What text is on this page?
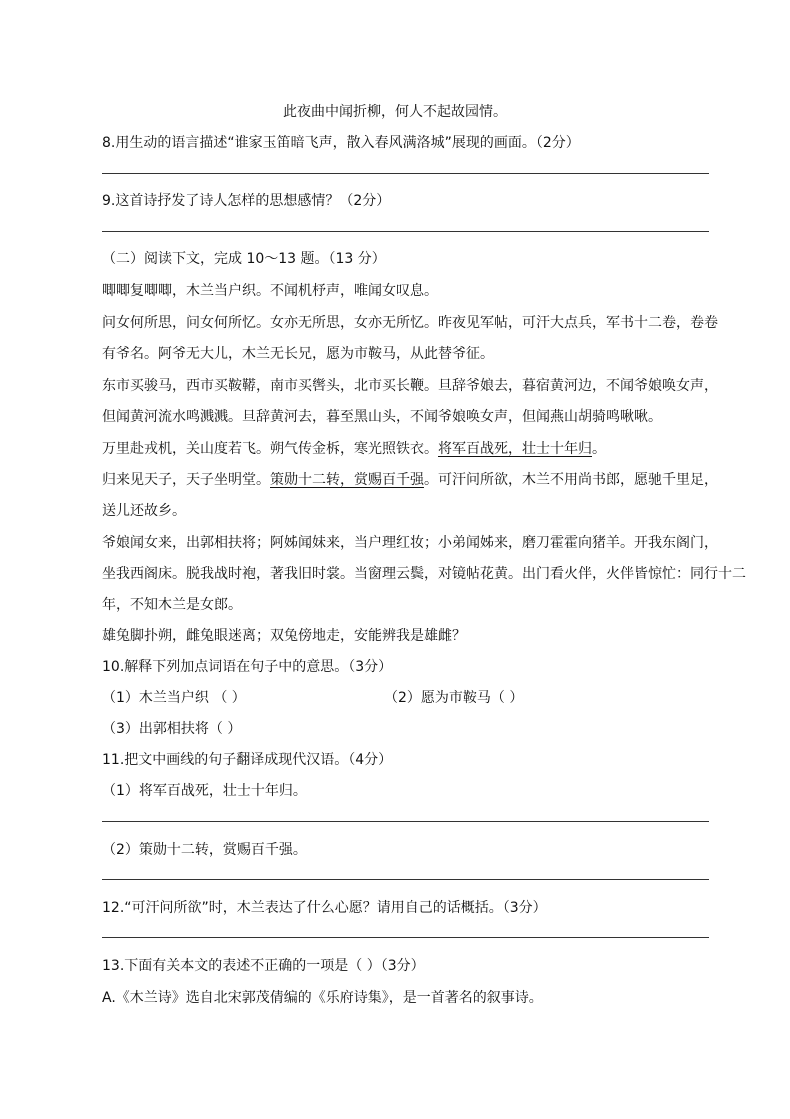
此夜曲中闻折柳，何人不起故园情。
8.用生动的语言描述“谁家玉笛暗飞声，散入春风满洛城”展现的画面。（2分）
9.这首诗抒发了诗人怎样的思想感情？（2分）
（二）阅读下文，完成 10～13 题。（13 分）
唧唧复唧唧，木兰当户织。不闻机杼声，唯闻女叹息。
问女何所思，问女何所忆。女亦无所思，女亦无所忆。昨夜见军帖，可汗大点兵，军书十二卷，卷卷
有爷名。阿爷无大儿，木兰无长兄，愿为市鞍马，从此替爷征。
东市买骏马，西市买鞍鞯，南市买辔头，北市买长鞭。旦辞爷娘去，暮宿黄河边，不闻爷娘唤女声，
但闻黄河流水鸣溅溅。旦辞黄河去，暮至黑山头，不闻爷娘唤女声，但闻燕山胡骑鸣啾啾。
万里赴戎机，关山度若飞。朔气传金柝，寒光照铁衣。将军百战死，壮士十年归。
归来见天子，天子坐明堂。策勋十二转，赏赐百千强。可汗问所欲，木兰不用尚书郎，愿驰千里足，
送儿还故乡。
爷娘闻女来，出郭相扶将；阿姊闻妹来，当户理红妆；小弟闻姊来，磨刀霍霍向猪羊。开我东阁门，
坐我西阁床。脱我战时袍，著我旧时裳。当窗理云鬓，对镜帖花黄。出门看火伴，火伴皆惊忙：同行十二
年，不知木兰是女郎。
雄兔脚扑朔，雌兔眼迷离；双兔傍地走，安能辨我是雄雌？
10.解释下列加点词语在句子中的意思。（3分）
（1）木兰当户织 （ ）	（2）愿为市鞍马（ ）
（3）出郭相扶将（ ）
11.把文中画线的句子翻译成现代汉语。（4分）
（1）将军百战死，壮士十年归。
（2）策勋十二转，赏赐百千强。
12.“可汗问所欲”时，木兰表达了什么心愿？请用自己的话概括。（3分）
13.下面有关本文的表述不正确的一项是（ ）（3分）
A.《木兰诗》选自北宋郭茂倩编的《乐府诗集》，是一首著名的叙事诗。
